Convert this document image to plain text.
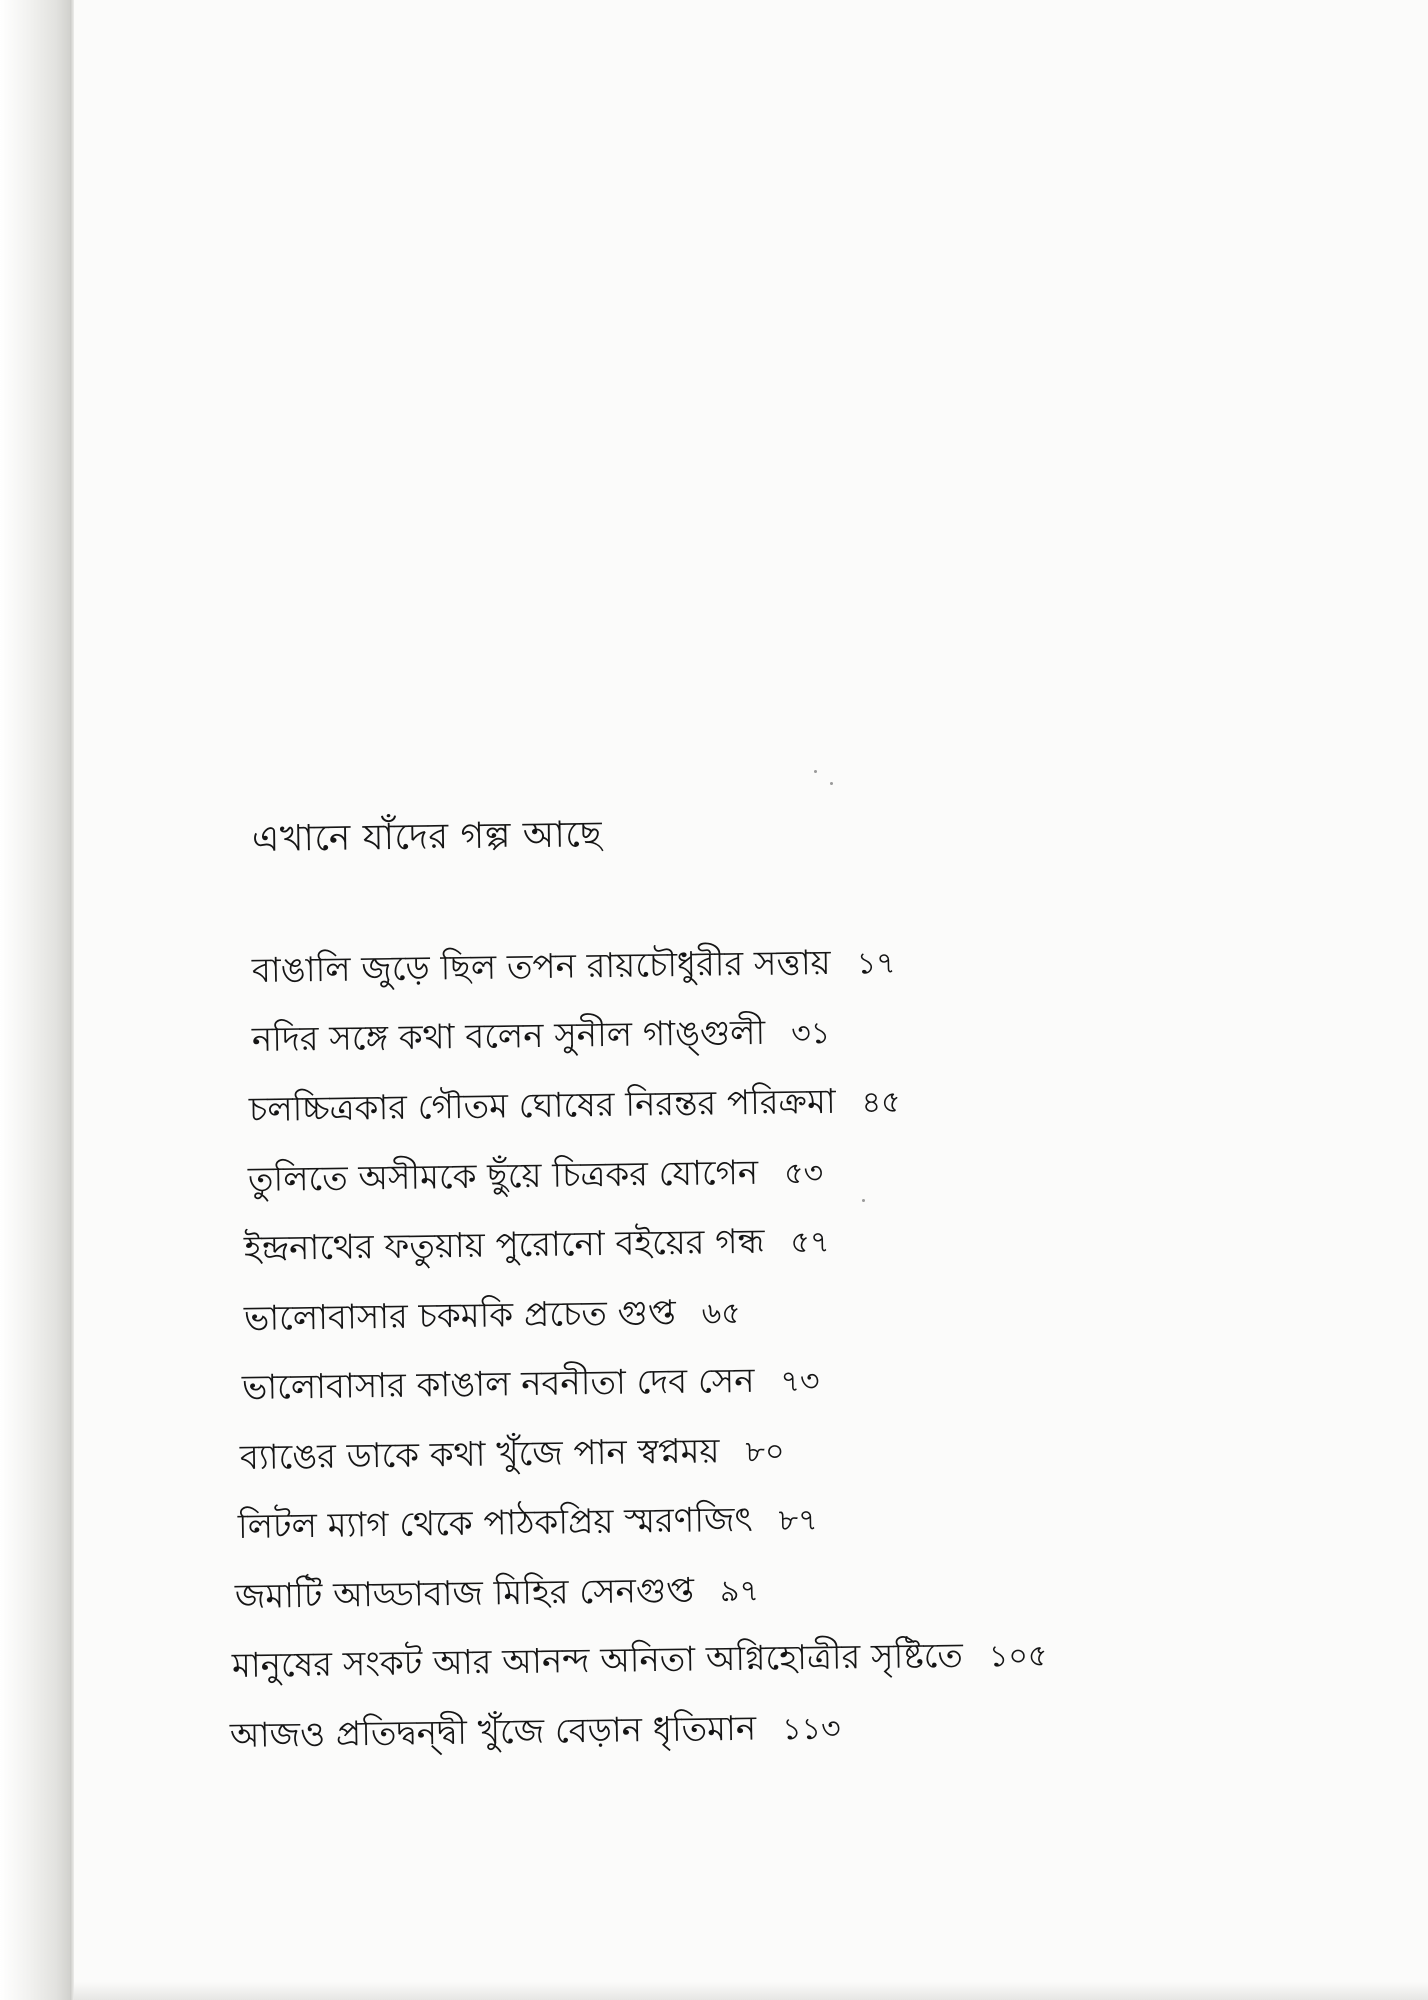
এখানে যাঁদের গল্প আছে
বাঙালি জুড়ে ছিল তপন রায়চৌধুরীর সত্তায় ১৭
নদির সঙ্গে কথা বলেন সুনীল গাঙ্গুলী ৩১
চলচ্চিত্রকার গৌতম ঘোষের নিরন্তর পরিক্রমা ৪৫
তুলিতে অসীমকে ছুঁয়ে চিত্রকর যোগেন ৫৩
ইন্দ্রনাথের ফতুয়ায় পুরোনো বইয়ের গন্ধ ৫৭
ভালোবাসার চকমকি প্রচেত গুপ্ত ৬৫
ভালোবাসার কাঙাল নবনীতা দেব সেন ৭৩
ব্যাঙের ডাকে কথা খুঁজে পান স্বপ্নময় ৮০
লিটল ম্যাগ থেকে পাঠকপ্রিয় স্মরণজিৎ ৮৭
জমাটি আড্ডাবাজ মিহির সেনগুপ্ত ৯৭
মানুষের সংকট আর আনন্দ অনিতা অগ্নিহোত্রীর সৃষ্টিতে ১০৫
আজও প্রতিদ্বন্দ্বী খুঁজে বেড়ান ধৃতিমান ১১৩
